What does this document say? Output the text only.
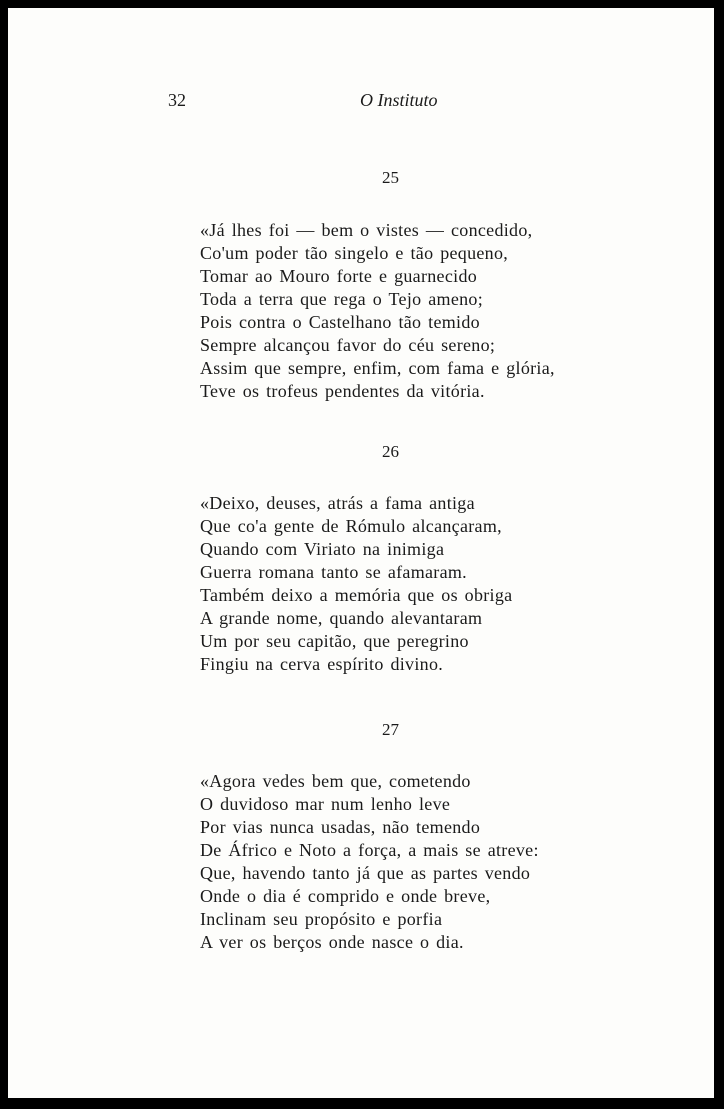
32	O Instituto
25
«Já lhes foi — bem o vistes — concedido,
Co'um poder tão singelo e tão pequeno,
Tomar ao Mouro forte e guarnecido
Toda a terra que rega o Tejo ameno;
Pois contra o Castelhano tão temido
Sempre alcançou favor do céu sereno;
Assim que sempre, enfim, com fama e glória,
Teve os trofeus pendentes da vitória.
26
«Deixo, deuses, atrás a fama antiga
Que co'a gente de Rómulo alcançaram,
Quando com Viriato na inimiga
Guerra romana tanto se afamaram.
Também deixo a memória que os obriga
A grande nome, quando alevantaram
Um por seu capitão, que peregrino
Fingiu na cerva espírito divino.
27
«Agora vedes bem que, cometendo
O duvidoso mar num lenho leve
Por vias nunca usadas, não temendo
De Áfrico e Noto a força, a mais se atreve:
Que, havendo tanto já que as partes vendo
Onde o dia é comprido e onde breve,
Inclinam seu propósito e porfia
A ver os berços onde nasce o dia.
